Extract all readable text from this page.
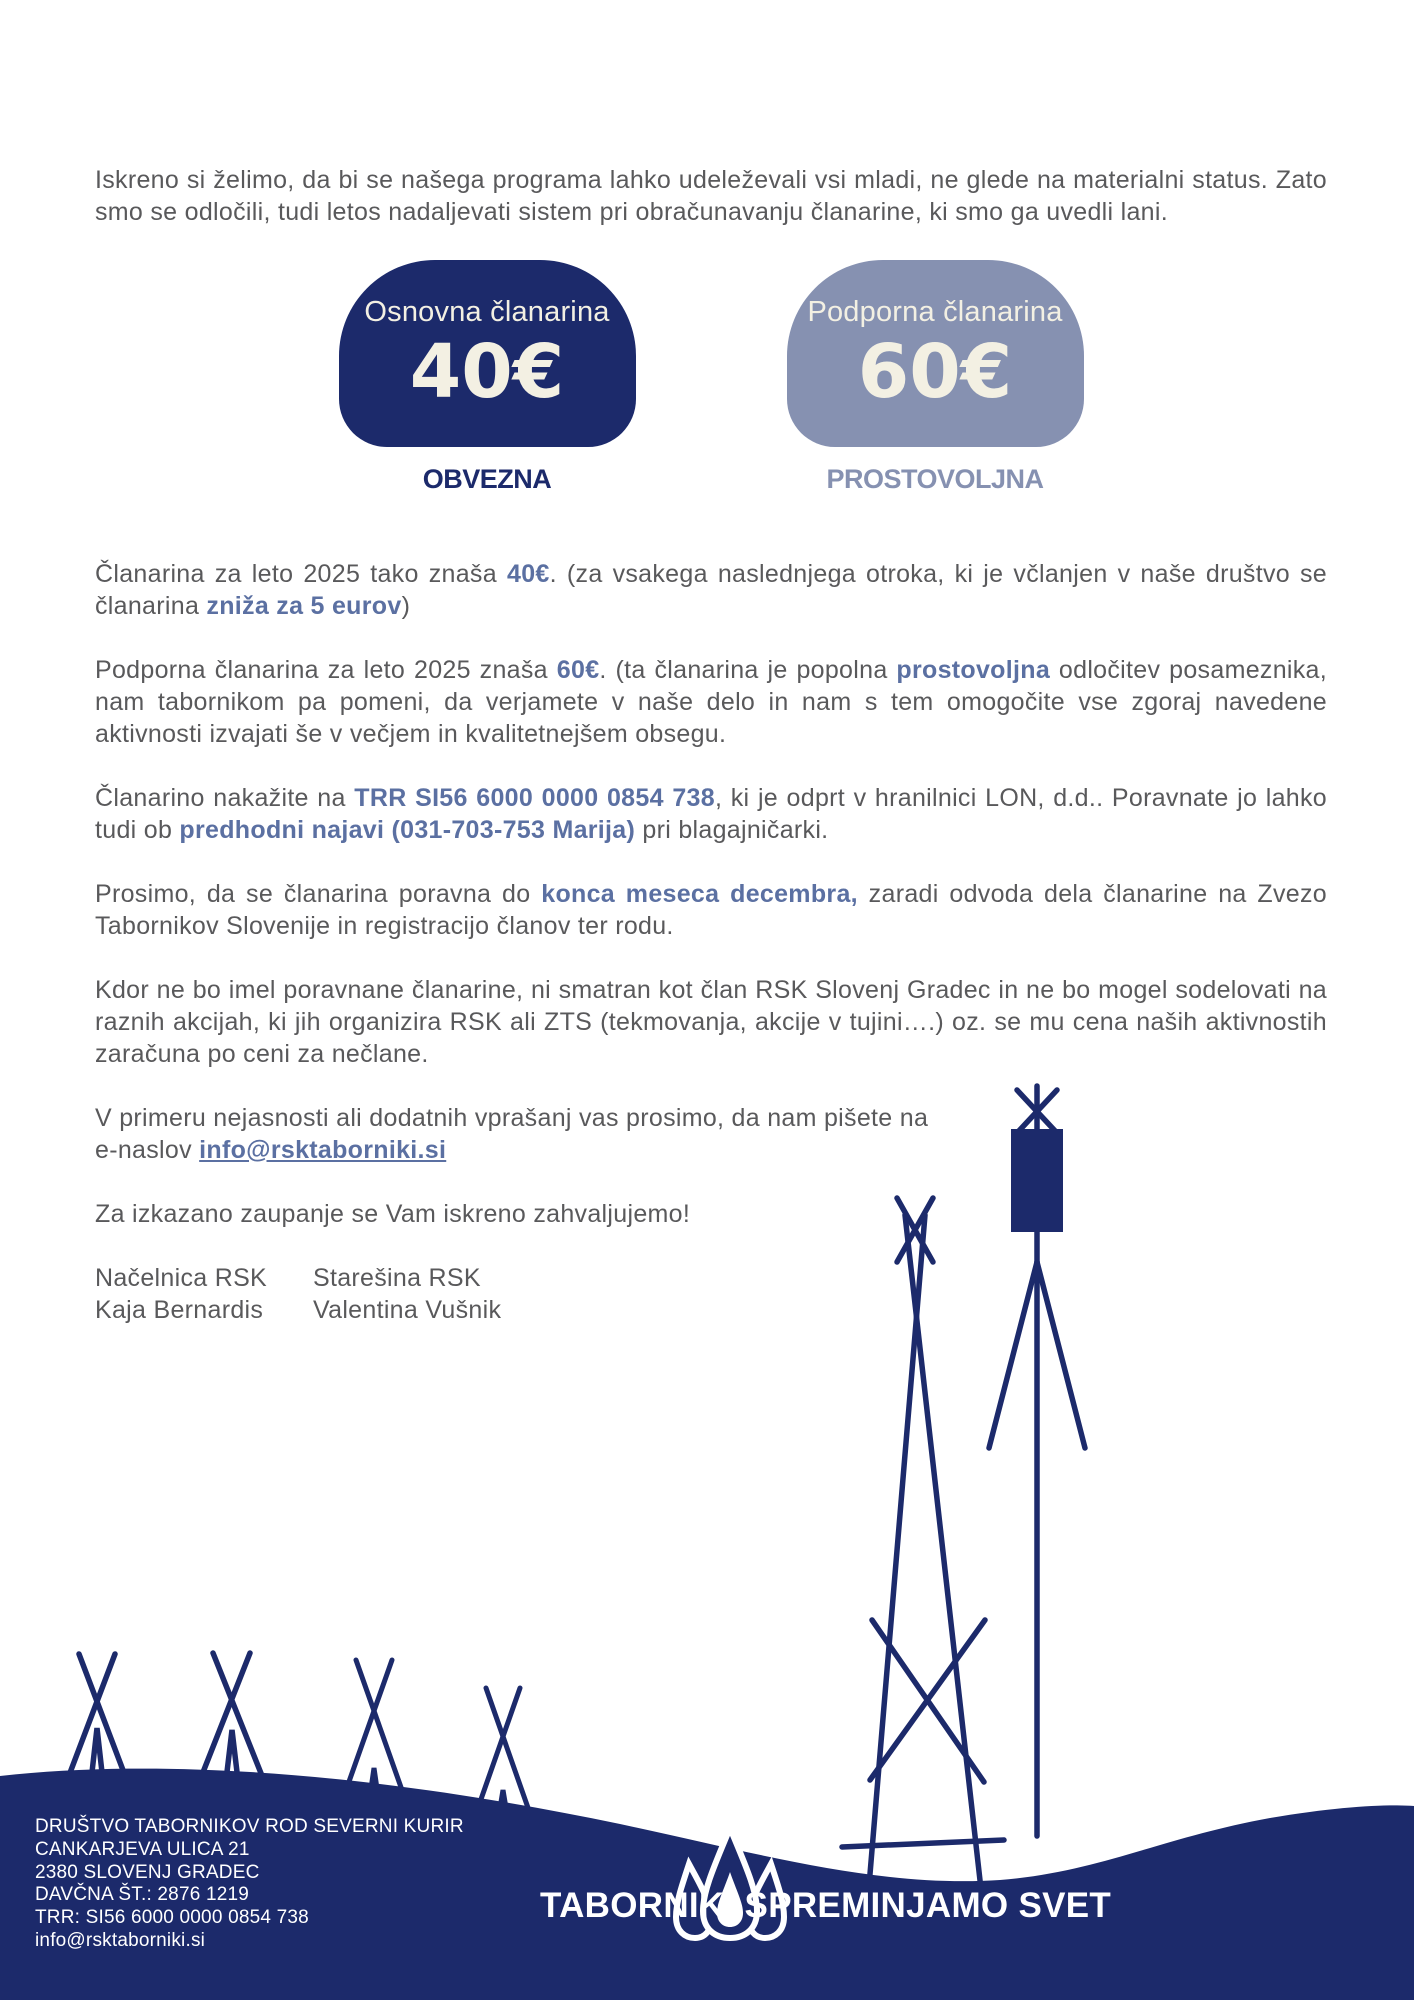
Iskreno si želimo, da bi se našega programa lahko udeleževali vsi mladi, ne glede na materialni status. Zato smo se odločili, tudi letos nadaljevati sistem pri obračunavanju članarine, ki smo ga uvedli lani.

Osnovna članarina
40€
OBVEZNA
Podporna članarina
60€
PROSTOVOLJNA

Članarina za leto 2025 tako znaša 40€. (za vsakega naslednjega otroka, ki je včlanjen v naše društvo se članarina zniža za 5 eurov)

Podporna članarina za leto 2025 znaša 60€. (ta članarina je popolna prostovoljna odločitev posameznika, nam tabornikom pa pomeni, da verjamete v naše delo in nam s tem omogočite vse zgoraj navedene aktivnosti izvajati še v večjem in kvalitetnejšem obsegu.

Članarino nakažite na TRR SI56 6000 0000 0854 738, ki je odprt v hranilnici LON, d.d.. Poravnate jo lahko tudi ob predhodni najavi (031-703-753 Marija) pri blagajničarki.

Prosimo, da se članarina poravna do konca meseca decembra, zaradi odvoda dela članarine na Zvezo Tabornikov Slovenije in registracijo članov ter rodu.

Kdor ne bo imel poravnane članarine, ni smatran kot član RSK Slovenj Gradec in ne bo mogel sodelovati na raznih akcijah, ki jih organizira RSK ali ZTS (tekmovanja, akcije v tujini….) oz. se mu cena naših aktivnostih zaračuna po ceni za nečlane.

V primeru nejasnosti ali dodatnih vprašanj vas prosimo, da nam pišete na
e-naslov info@rsktaborniki.si

Za izkazano zaupanje se Vam iskreno zahvaljujemo!

Načelnica RSK	Starešina RSK
Kaja Bernardis	Valentina Vušnik
DRUŠTVO TABORNIKOV ROD SEVERNI KURIR
CANKARJEVA ULICA 21
2380 SLOVENJ GRADEC
DAVČNA ŠT.: 2876 1219
TRR: SI56 6000 0000 0854 738
info@rsktaborniki.si
TABORNIKI SPREMINJAMO SVET
